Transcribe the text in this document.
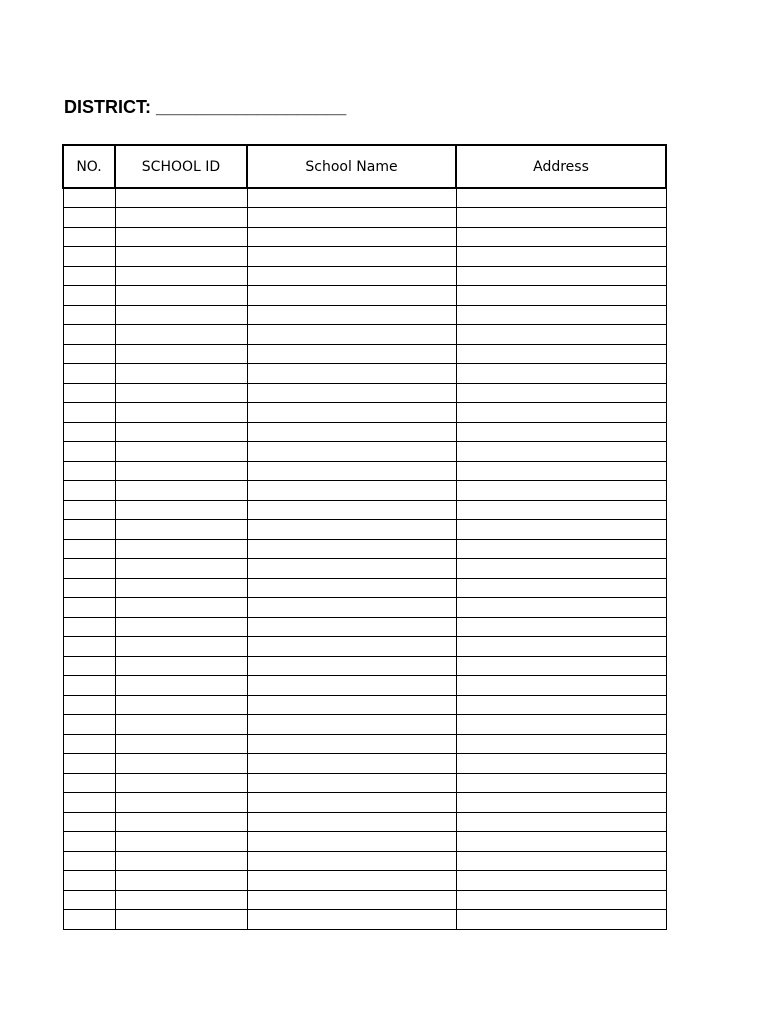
DISTRICT: ___________________
NO.	SCHOOL ID	School Name	Address
